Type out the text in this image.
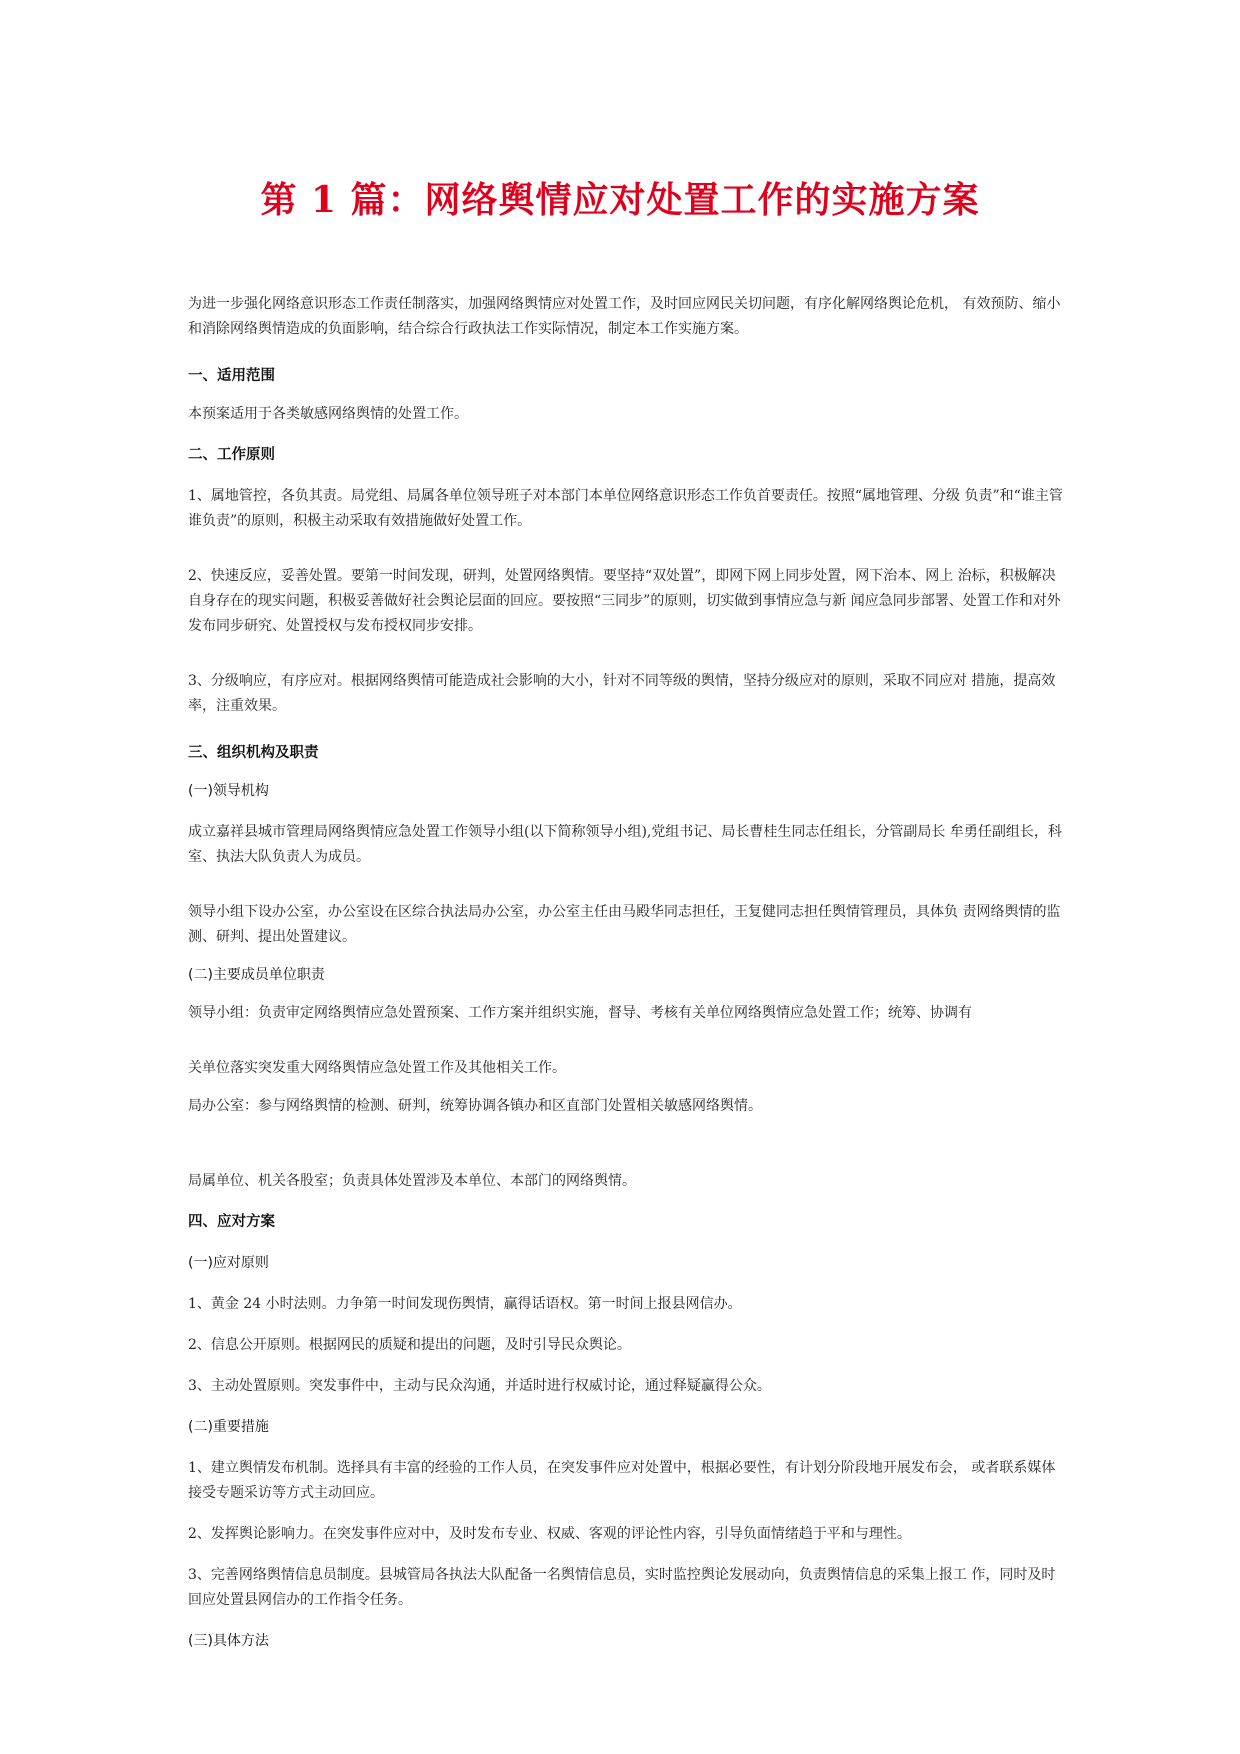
第 1 篇：网络舆情应对处置工作的实施方案

为进一步强化网络意识形态工作责任制落实，加强网络舆情应对处置工作，及时回应网民关切问题，有序化解网络舆论危机， 有效预防、缩小和消除网络舆情造成的负面影响，结合综合行政执法工作实际情况，制定本工作实施方案。

一、适用范围

本预案适用于各类敏感网络舆情的处置工作。

二、工作原则

1、属地管控，各负其责。局党组、局属各单位领导班子对本部门本单位网络意识形态工作负首要责任。按照“属地管理、分级 负责”和“谁主管谁负责”的原则，积极主动采取有效措施做好处置工作。

2、快速反应，妥善处置。要第一时间发现，研判，处置网络舆情。要坚持“双处置”，即网下网上同步处置，网下治本、网上 治标，积极解决自身存在的现实问题，积极妥善做好社会舆论层面的回应。要按照“三同步”的原则，切实做到事情应急与新 闻应急同步部署、处置工作和对外发布同步研究、处置授权与发布授权同步安排。

3、分级响应，有序应对。根据网络舆情可能造成社会影响的大小，针对不同等级的舆情，坚持分级应对的原则，采取不同应对 措施，提高效率，注重效果。

三、组织机构及职责

(一)领导机构

成立嘉祥县城市管理局网络舆情应急处置工作领导小组(以下简称领导小组),党组书记、局长曹桂生同志任组长，分管副局长 牟勇任副组长，科室、执法大队负责人为成员。

领导小组下设办公室，办公室设在区综合执法局办公室，办公室主任由马殿华同志担任，王复健同志担任舆情管理员，具体负 责网络舆情的监测、研判、提出处置建议。

(二)主要成员单位职责

领导小组：负责审定网络舆情应急处置预案、工作方案并组织实施，督导、考核有关单位网络舆情应急处置工作；统筹、协调有

关单位落实突发重大网络舆情应急处置工作及其他相关工作。

局办公室：参与网络舆情的检测、研判，统筹协调各镇办和区直部门处置相关敏感网络舆情。

局属单位、机关各股室；负责具体处置涉及本单位、本部门的网络舆情。

四、应对方案

(一)应对原则

1、黄金 24 小时法则。力争第一时间发现伤舆情，赢得话语权。第一时间上报县网信办。

2、信息公开原则。根据网民的质疑和提出的问题，及时引导民众舆论。

3、主动处置原则。突发事件中，主动与民众沟通，并适时进行权威讨论，通过释疑赢得公众。

(二)重要措施

1、建立舆情发布机制。选择具有丰富的经验的工作人员，在突发事件应对处置中，根据必要性，有计划分阶段地开展发布会， 或者联系媒体接受专题采访等方式主动回应。

2、发挥舆论影响力。在突发事件应对中，及时发布专业、权威、客观的评论性内容，引导负面情绪趋于平和与理性。

3、完善网络舆情信息员制度。县城管局各执法大队配备一名舆情信息员，实时监控舆论发展动向，负责舆情信息的采集上报工 作，同时及时回应处置县网信办的工作指令任务。

(三)具体方法
